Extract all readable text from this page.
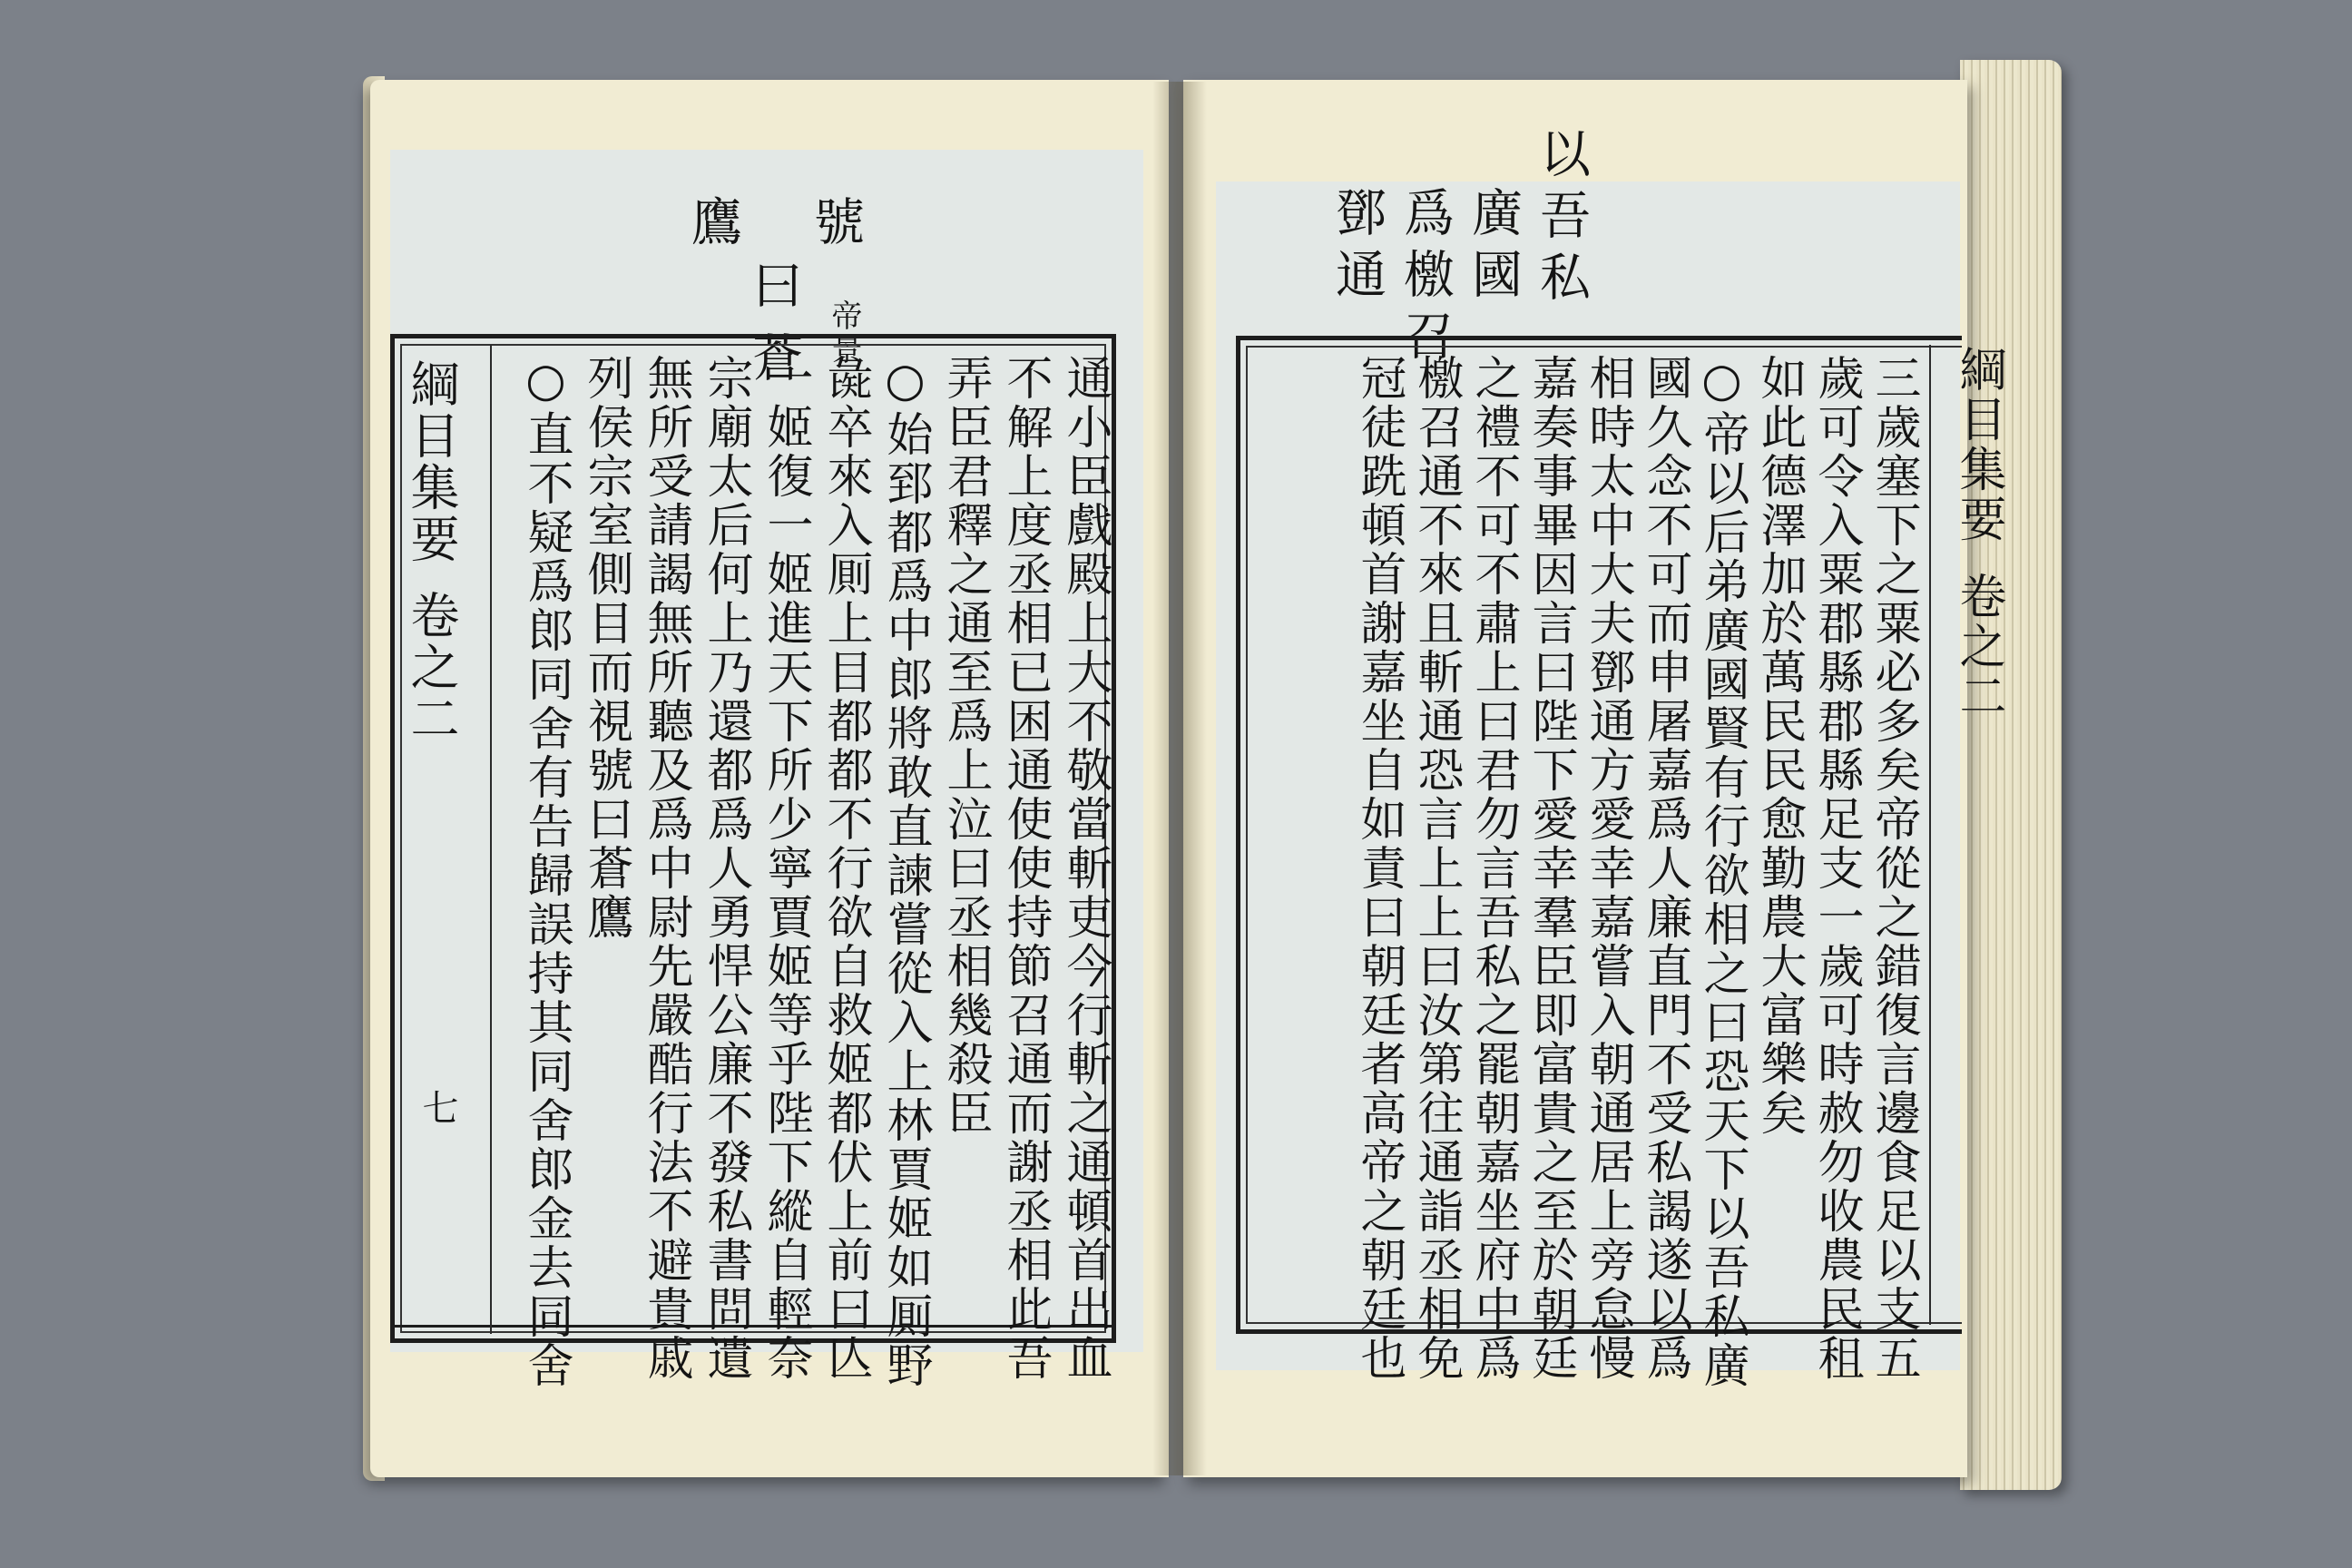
號
鷹
曰蒼 帝景
通小臣戲殿上大不敬當斬吏今行斬之通頓首出血
不解上度丞相已困通使使持節召通而謝丞相此吾
弄臣君釋之通至爲上泣曰丞相幾殺臣
○始郅都爲中郎將敢直諫嘗從入上林賈姬如厠野
彘卒來入厠上目都都不行欲自救姬都伏上前曰亾
一姬復一姬進天下所少寧賈姬等乎陛下縱自輕奈
宗廟太后何上乃還都爲人勇悍公廉不發私書問遺
無所受請謁無所聽及爲中尉先嚴酷行法不避貴戚
列侯宗室側目而視號曰蒼鷹
○直不疑爲郎同舍有告歸誤持其同舍郎金去同舍
綱目集要
卷之二
七
以吾私
廣國
爲檄召
鄧通
綱目集要
卷之二
三歲塞下之粟必多矣帝從之錯復言邊食足以支五
歲可令入粟郡縣郡縣足支一歲可時赦勿收農民租
如此德澤加於萬民民愈勤農大富樂矣
○帝以后弟廣國賢有行欲相之曰恐天下以吾私廣
國久念不可而申屠嘉爲人廉直門不受私謁遂以爲
相時太中大夫鄧通方愛幸嘉嘗入朝通居上旁怠慢
嘉奏事畢因言曰陛下愛幸羣臣即富貴之至於朝廷
之禮不可不肅上曰君勿言吾私之罷朝嘉坐府中爲
檄召通不來且斬通恐言上上曰汝第往通詣丞相免
冠徒跣頓首謝嘉坐自如責曰朝廷者高帝之朝廷也
